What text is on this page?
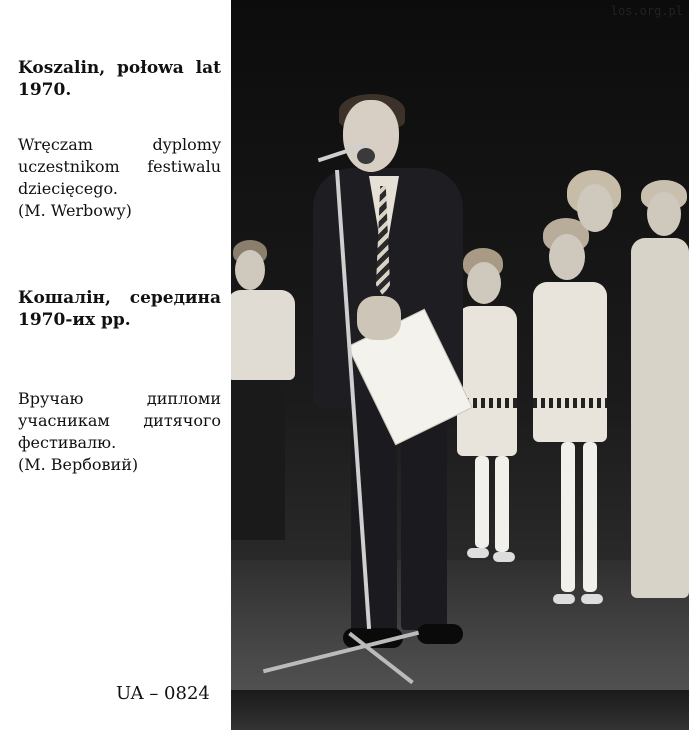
Koszalin, połowa lat 1970.
Wręczam dyplomy uczestnikom festiwalu dziecięcego.
(M. Werbowy)
Кошалін, середина 1970-их рр.
Вручаю дипломи учасникам дитячого фестивалю.
(М. Вербовий)
UA – 0824
los.org.pl
